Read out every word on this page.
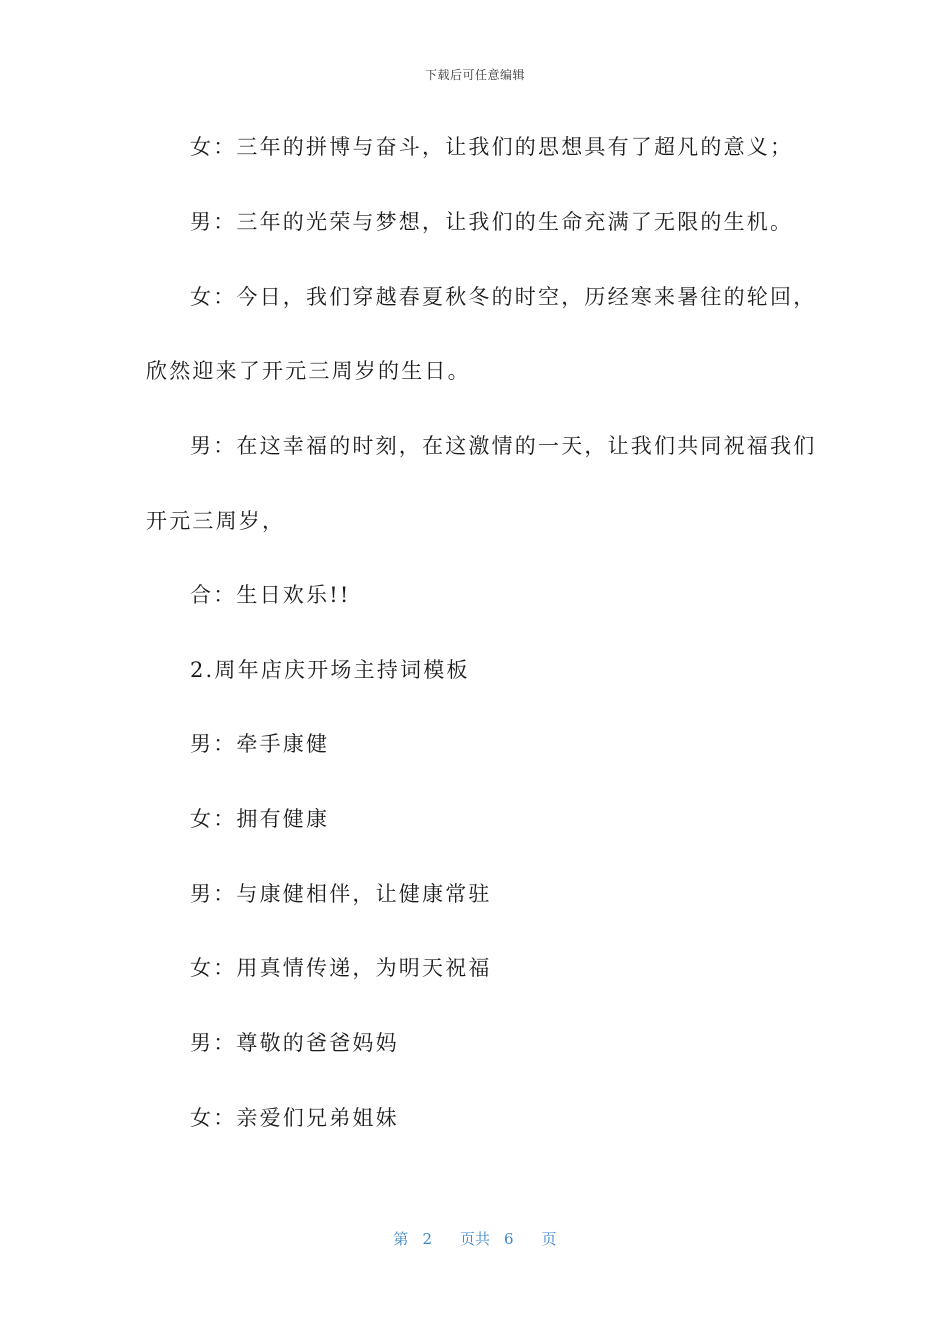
下载后可任意编辑
女：三年的拼博与奋斗，让我们的思想具有了超凡的意义；
男：三年的光荣与梦想，让我们的生命充满了无限的生机。
女：今日，我们穿越春夏秋冬的时空，历经寒来暑往的轮回，
欣然迎来了开元三周岁的生日。
男：在这幸福的时刻，在这激情的一天，让我们共同祝福我们
开元三周岁，
合：生日欢乐!!
2.周年店庆开场主持词模板
男：牵手康健
女：拥有健康
男：与康健相伴，让健康常驻
女：用真情传递，为明天祝福
男：尊敬的爸爸妈妈
女：亲爱们兄弟姐妹
第 2 页共 6 页
